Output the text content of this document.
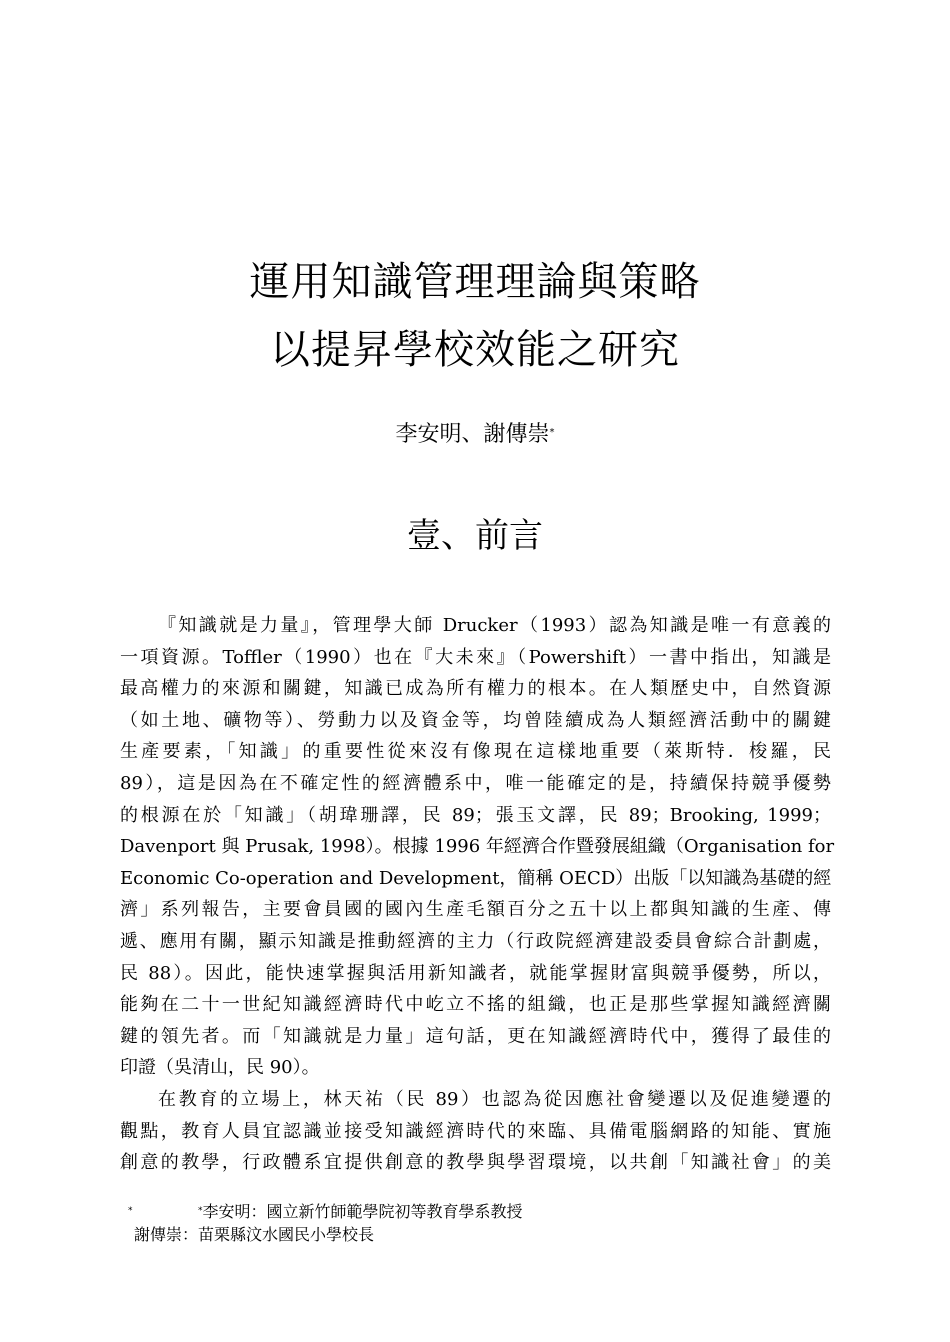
運用知識管理理論與策略
以提昇學校效能之研究
李安明、謝傳崇*
壹、前言
『知識就是力量』，管理學大師 Drucker（1993）認為知識是唯一有意義的
一項資源。Toffler（1990）也在『大未來』（Powershift）一書中指出，知識是
最高權力的來源和關鍵，知識已成為所有權力的根本。在人類歷史中，自然資源
（如土地、礦物等）、勞動力以及資金等，均曾陸續成為人類經濟活動中的關鍵
生產要素，「知識」的重要性從來沒有像現在這樣地重要（萊斯特．梭羅，民
89），這是因為在不確定性的經濟體系中，唯一能確定的是，持續保持競爭優勢
的根源在於「知識」（胡瑋珊譯，民 89；張玉文譯，民 89；Brooking, 1999；
Davenport 與 Prusak, 1998）。根據 1996 年經濟合作暨發展組織（Organisation for
Economic Co-operation and Development，簡稱 OECD）出版「以知識為基礎的經
濟」系列報告，主要會員國的國內生產毛額百分之五十以上都與知識的生產、傳
遞、應用有關，顯示知識是推動經濟的主力（行政院經濟建設委員會綜合計劃處，
民 88）。因此，能快速掌握與活用新知識者，就能掌握財富與競爭優勢，所以，
能夠在二十一世紀知識經濟時代中屹立不搖的組織，也正是那些掌握知識經濟關
鍵的領先者。而「知識就是力量」這句話，更在知識經濟時代中，獲得了最佳的
印證（吳清山，民 90）。
在教育的立場上，林天祐（民 89）也認為從因應社會變遷以及促進變遷的
觀點，教育人員宜認識並接受知識經濟時代的來臨、具備電腦網路的知能、實施
創意的教學，行政體系宜提供創意的教學與學習環境，以共創「知識社會」的美
*	*李安明：國立新竹師範學院初等教育學系教授
謝傳崇：苗栗縣汶水國民小學校長
